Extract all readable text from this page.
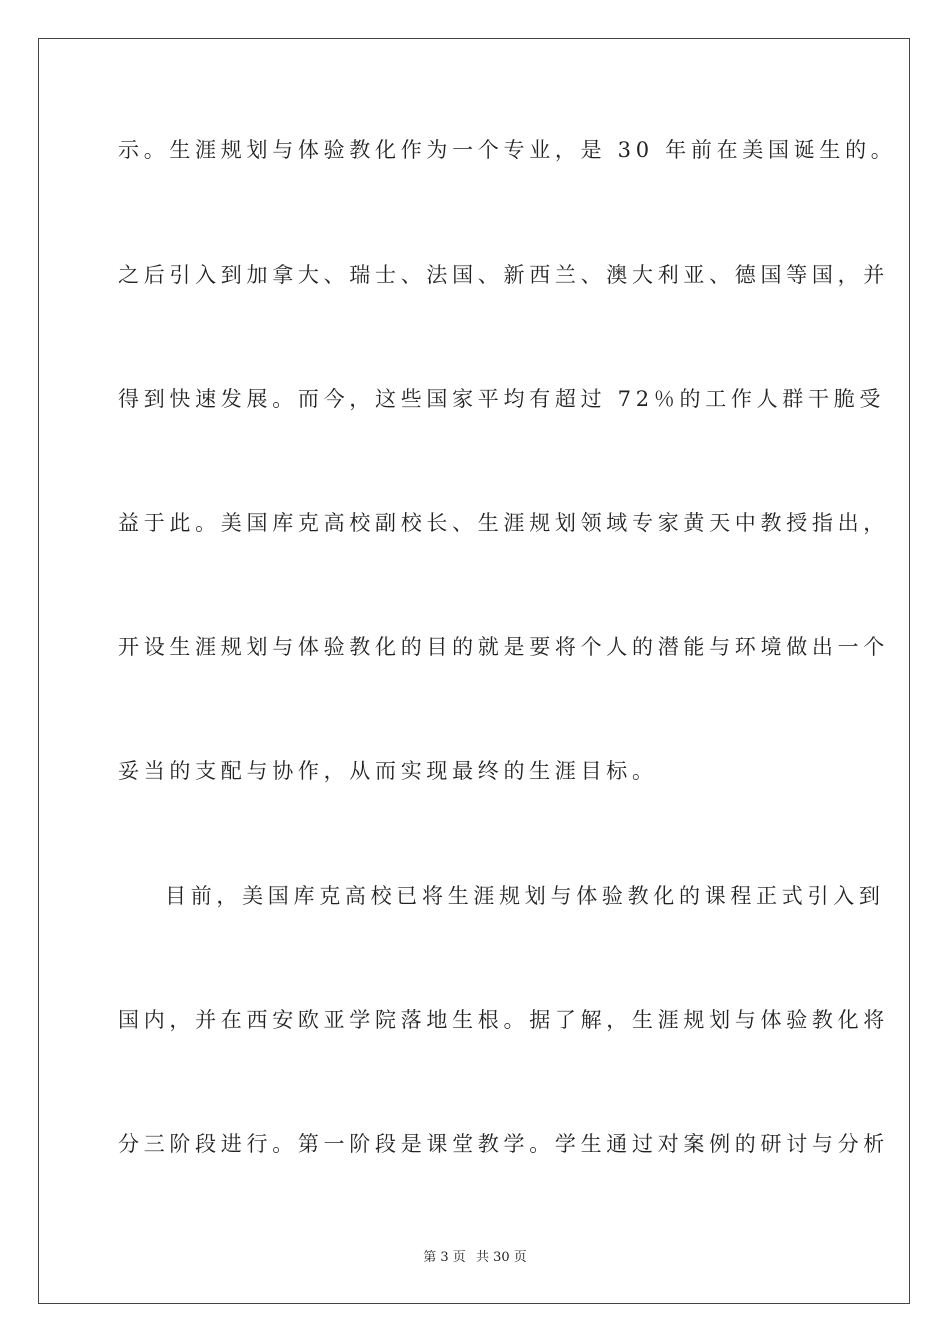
示。生涯规划与体验教化作为一个专业，是 30 年前在美国诞生的。
之后引入到加拿大、瑞士、法国、新西兰、澳大利亚、德国等国，并
得到快速发展。而今，这些国家平均有超过 72％的工作人群干脆受
益于此。美国库克高校副校长、生涯规划领域专家黄天中教授指出，
开设生涯规划与体验教化的目的就是要将个人的潜能与环境做出一个
妥当的支配与协作，从而实现最终的生涯目标。
目前，美国库克高校已将生涯规划与体验教化的课程正式引入到
国内，并在西安欧亚学院落地生根。据了解，生涯规划与体验教化将
分三阶段进行。第一阶段是课堂教学。学生通过对案例的研讨与分析
第 3 页 共 30 页
